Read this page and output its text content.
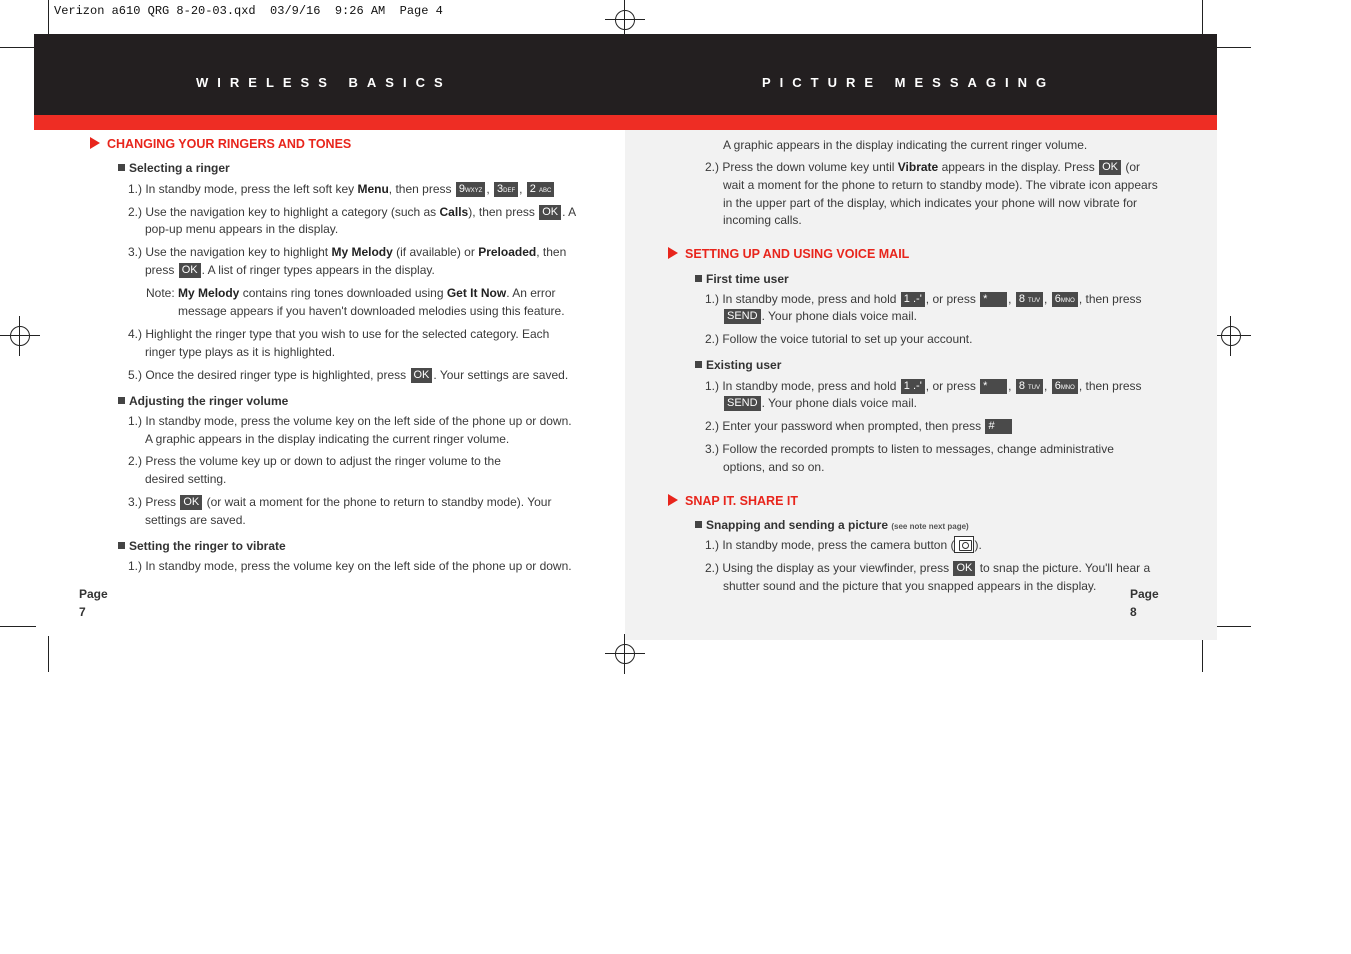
Verizon a610 QRG 8-20-03.qxd  03/9/16  9:26 AM  Page 4
WIRELESS BASICS	PICTURE MESSAGING
CHANGING YOUR RINGERS AND TONES
Selecting a ringer
1.) In standby mode, press the left soft key Menu, then press 9WXYZ , 3DEF , 2 ABC
2.) Use the navigation key to highlight a category (such as Calls), then press OK . A
pop-up menu appears in the display.
3.) Use the navigation key to highlight My Melody (if available) or Preloaded, then
press OK . A list of ringer types appears in the display.
Note: My Melody contains ring tones downloaded using Get It Now. An error
message appears if you haven't downloaded melodies using this feature.
4.) Highlight the ringer type that you wish to use for the selected category. Each
ringer type plays as it is highlighted.
5.) Once the desired ringer type is highlighted, press OK . Your settings are saved.
Adjusting the ringer volume
1.) In standby mode, press the volume key on the left side of the phone up or down.
A graphic appears in the display indicating the current ringer volume.
2.) Press the volume key up or down to adjust the ringer volume to the
desired setting.
3.) Press OK (or wait a moment for the phone to return to standby mode). Your
settings are saved.
Setting the ringer to vibrate
1.) In standby mode, press the volume key on the left side of the phone up or down.
Page 7
A graphic appears in the display indicating the current ringer volume.
2.) Press the down volume key until Vibrate appears in the display. Press OK (or
wait a moment for the phone to return to standby mode). The vibrate icon appears
in the upper part of the display, which indicates your phone will now vibrate for
incoming calls.
SETTING UP AND USING VOICE MAIL
First time user
1.) In standby mode, press and hold 1 .-' , or press * , 8 TUV , 6MNO , then press
SEND . Your phone dials voice mail.
2.) Follow the voice tutorial to set up your account.
Existing user
1.) In standby mode, press and hold 1 .-' , or press * , 8 TUV , 6MNO , then press
SEND . Your phone dials voice mail.
2.) Enter your password when prompted, then press #
3.) Follow the recorded prompts to listen to messages, change administrative
options, and so on.
SNAP IT. SHARE IT
Snapping and sending a picture (see note next page)
1.) In standby mode, press the camera button ( ).
2.) Using the display as your viewfinder, press OK to snap the picture. You'll hear a
shutter sound and the picture that you snapped appears in the display.
Page 8
